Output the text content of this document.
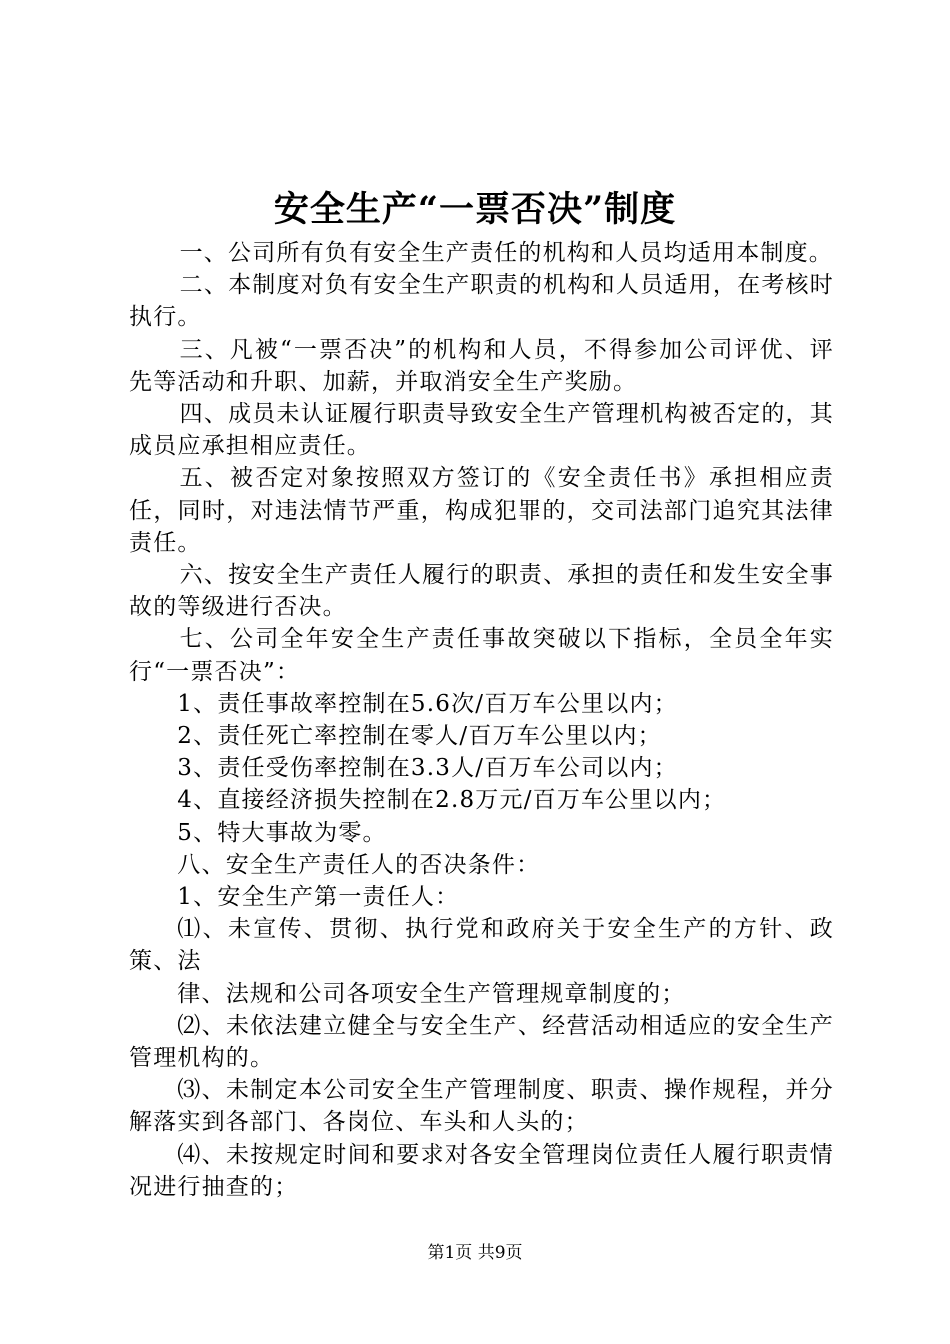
安全生产“一票否决”制度

一、公司所有负有安全生产责任的机构和人员均适用本制度。

二、本制度对负有安全生产职责的机构和人员适用，在考核时执行。

三、凡被“一票否决”的机构和人员，不得参加公司评优、评先等活动和升职、加薪，并取消安全生产奖励。

四、成员未认证履行职责导致安全生产管理机构被否定的，其成员应承担相应责任。

五、被否定对象按照双方签订的《安全责任书》承担相应责任，同时，对违法情节严重，构成犯罪的，交司法部门追究其法律责任。

六、按安全生产责任人履行的职责、承担的责任和发生安全事故的等级进行否决。

七、公司全年安全生产责任事故突破以下指标，全员全年实行“一票否决”：

1、责任事故率控制在5.6次/百万车公里以内；

2、责任死亡率控制在零人/百万车公里以内；

3、责任受伤率控制在3.3人/百万车公司以内；

4、直接经济损失控制在2.8万元/百万车公里以内；

5、特大事故为零。

八、安全生产责任人的否决条件：

1、安全生产第一责任人：

⑴、未宣传、贯彻、执行党和政府关于安全生产的方针、政策、法

律、法规和公司各项安全生产管理规章制度的；

⑵、未依法建立健全与安全生产、经营活动相适应的安全生产管理机构的。

⑶、未制定本公司安全生产管理制度、职责、操作规程，并分解落实到各部门、各岗位、车头和人头的；

⑷、未按规定时间和要求对各安全管理岗位责任人履行职责情况进行抽查的；

第1页 共9页
